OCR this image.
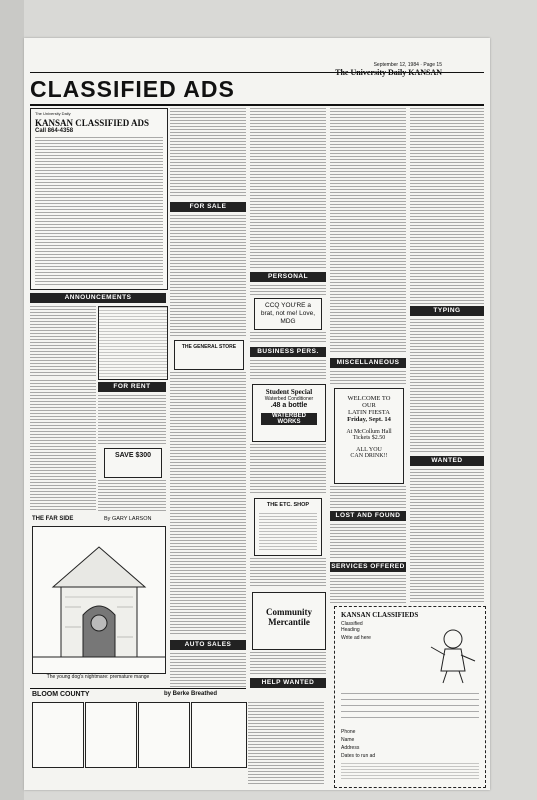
September 12, 1984 · Page 15
CLASSIFIED ADS
The University Daily
KANSAN CLASSIFIED ADS
Call 864-4358
ANNOUNCEMENTS
FOR RENT
SAVE $300
THE FAR SIDE	By GARY LARSON
The young dog's nightmare: premature mange
BLOOM COUNTY	by Berke Breathed
FOR SALE
THE GENERAL STORE
AUTO SALES
PERSONAL
CCQ YOU'RE a brat, not me! Love, MDG
BUSINESS PERS.
Student Special
Waterbed Conditioner
.48 a bottle
WATERBED WORKS
THE ETC. SHOP
Community
Mercantile
HELP WANTED
MISCELLANEOUS
WELCOME TO
OUR
LATIN FIESTA
Friday, Sept. 14
At McCollum Hall
Tickets $2.50
ALL YOU
CAN DRINK!!
LOST AND FOUND
SERVICES OFFERED
TYPING
WANTED
KANSAN CLASSIFIEDS
Classified
Heading
Write ad here
Phone
Name
Address
Dates to run ad
